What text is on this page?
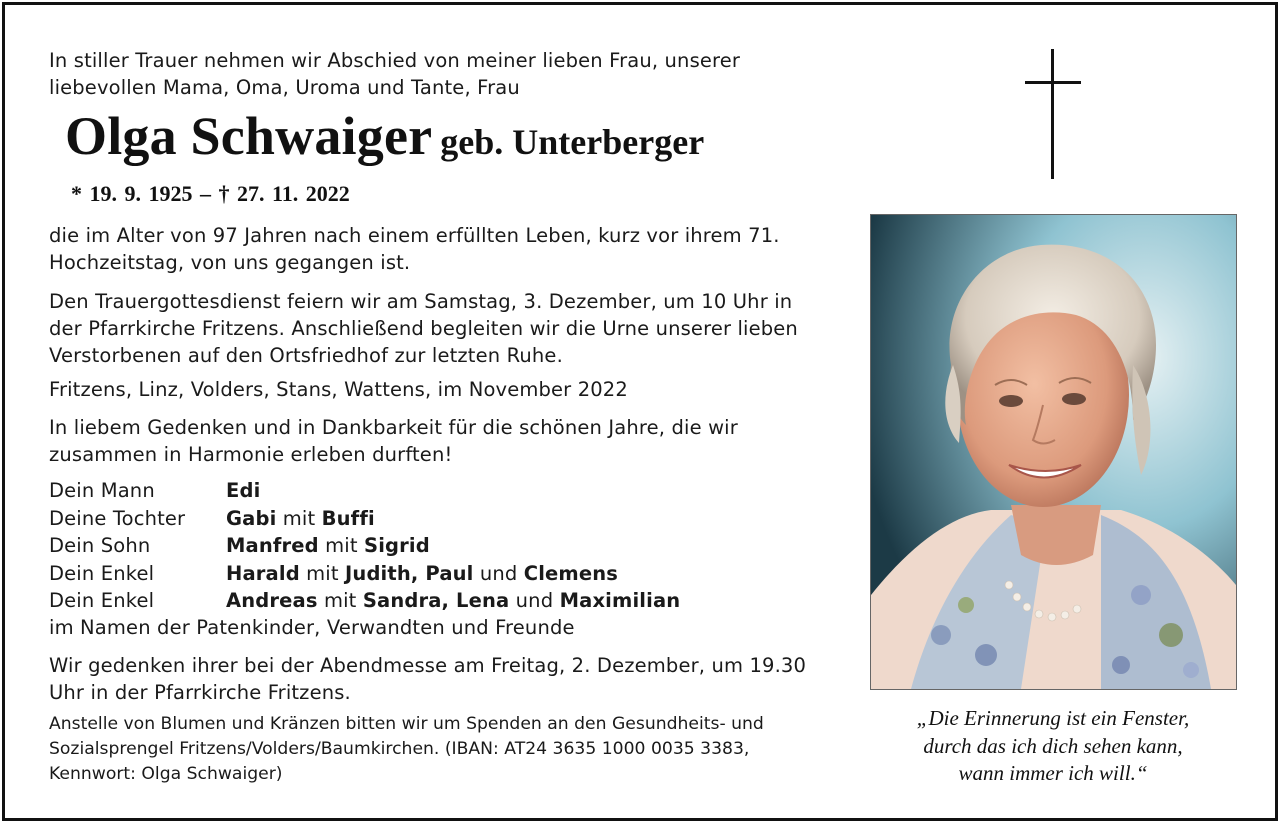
In stiller Trauer nehmen wir Abschied von meiner lieben Frau, unserer liebevollen Mama, Oma, Uroma und Tante, Frau

Olga Schwaiger geb. Unterberger
* 19. 9. 1925 – † 27. 11. 2022

die im Alter von 97 Jahren nach einem erfüllten Leben, kurz vor ihrem 71. Hochzeitstag, von uns gegangen ist.

Den Trauergottesdienst feiern wir am Samstag, 3. Dezember, um 10 Uhr in der Pfarrkirche Fritzens. Anschließend begleiten wir die Urne unserer lieben Verstorbenen auf den Ortsfriedhof zur letzten Ruhe.

Fritzens, Linz, Volders, Stans, Wattens, im November 2022

In liebem Gedenken und in Dankbarkeit für die schönen Jahre, die wir zusammen in Harmonie erleben durften!

Dein Mann	Edi
Deine Tochter	Gabi mit Buffi
Dein Sohn	Manfred mit Sigrid
Dein Enkel	Harald mit Judith, Paul und Clemens
Dein Enkel	Andreas mit Sandra, Lena und Maximilian

im Namen der Patenkinder, Verwandten und Freunde

Wir gedenken ihrer bei der Abendmesse am Freitag, 2. Dezember, um 19.30 Uhr in der Pfarrkirche Fritzens.

Anstelle von Blumen und Kränzen bitten wir um Spenden an den Gesundheits- und Sozialsprengel Fritzens/Volders/Baumkirchen. (IBAN: AT24 3635 1000 0035 3383, Kennwort: Olga Schwaiger)

„Die Erinnerung ist ein Fenster,
durch das ich dich sehen kann,
wann immer ich will.“
